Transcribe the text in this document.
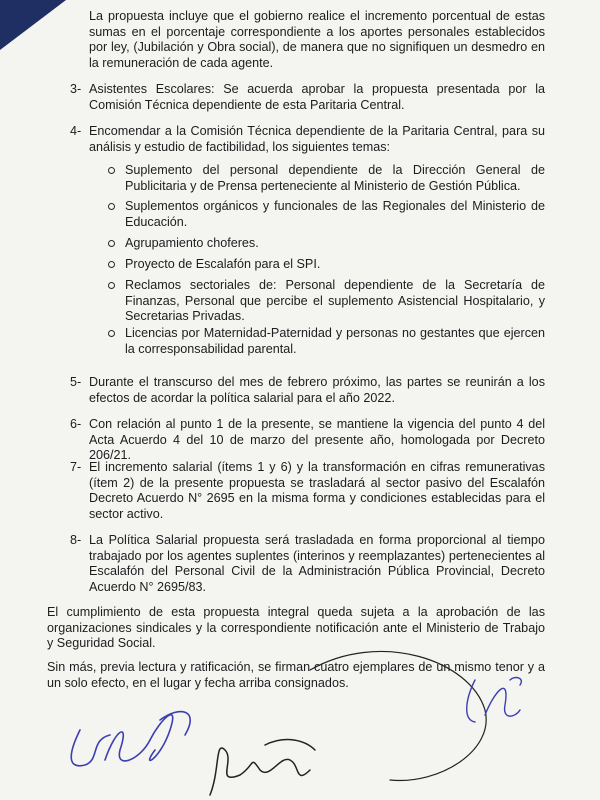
La propuesta incluye que el gobierno realice el incremento porcentual de estas sumas en el porcentaje correspondiente a los aportes personales establecidos por ley, (Jubilación y Obra social), de manera que no signifiquen un desmedro en la remuneración de cada agente.

3- Asistentes Escolares: Se acuerda aprobar la propuesta presentada por la Comisión Técnica dependiente de esta Paritaria Central.

4- Encomendar a la Comisión Técnica dependiente de la Paritaria Central, para su análisis y estudio de factibilidad, los siguientes temas:

Suplemento del personal dependiente de la Dirección General de Publicitaria y de Prensa perteneciente al Ministerio de Gestión Pública.

Suplementos orgánicos y funcionales de las Regionales del Ministerio de Educación.

Agrupamiento choferes.

Proyecto de Escalafón para el SPI.

Reclamos sectoriales de: Personal dependiente de la Secretaría de Finanzas, Personal que percibe el suplemento Asistencial Hospitalario, y Secretarias Privadas.

Licencias por Maternidad-Paternidad y personas no gestantes que ejercen la corresponsabilidad parental.

5- Durante el transcurso del mes de febrero próximo, las partes se reunirán a los efectos de acordar la política salarial para el año 2022.

6- Con relación al punto 1 de la presente, se mantiene la vigencia del punto 4 del Acta Acuerdo 4 del 10 de marzo del presente año, homologada por Decreto 206/21.

7- El incremento salarial (ítems 1 y 6) y la transformación en cifras remunerativas (ítem 2) de la presente propuesta se trasladará al sector pasivo del Escalafón Decreto Acuerdo N° 2695 en la misma forma y condiciones establecidas para el sector activo.

8- La Política Salarial propuesta será trasladada en forma proporcional al tiempo trabajado por los agentes suplentes (interinos y reemplazantes) pertenecientes al Escalafón del Personal Civil de la Administración Pública Provincial, Decreto Acuerdo N° 2695/83.

El cumplimiento de esta propuesta integral queda sujeta a la aprobación de las organizaciones sindicales y la correspondiente notificación ante el Ministerio de Trabajo y Seguridad Social.

Sin más, previa lectura y ratificación, se firman cuatro ejemplares de un mismo tenor y a un solo efecto, en el lugar y fecha arriba consignados.
